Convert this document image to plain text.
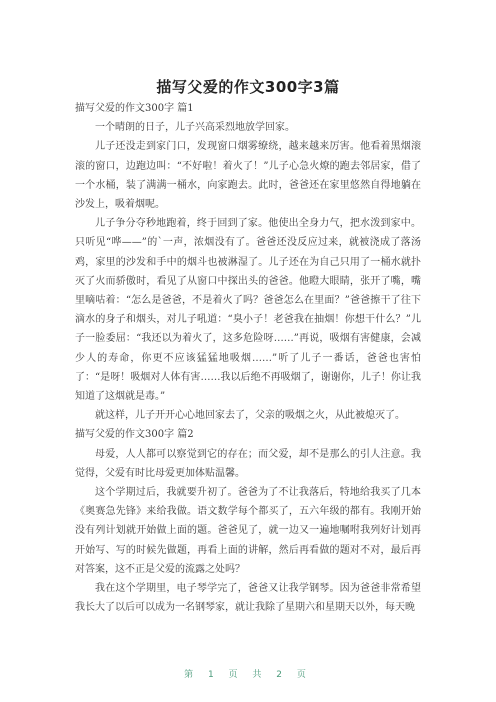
描写父爱的作文300字3篇

描写父爱的作文300字 篇1

一个晴朗的日子，儿子兴高采烈地放学回家。

儿子还没走到家门口，发现窗口烟雾缭绕，越来越来厉害。他看着黑烟滚滚的窗口，边跑边叫：“不好啦！着火了！”儿子心急火燎的跑去邻居家，借了一个水桶，装了满满一桶水，向家跑去。此时，爸爸还在家里悠然自得地躺在沙发上，吸着烟呢。

儿子争分夺秒地跑着，终于回到了家。他使出全身力气，把水泼到家中。只听见“哗——”的`一声，浓烟没有了。爸爸还没反应过来，就被浇成了落汤鸡，家里的沙发和手中的烟斗也被淋湿了。儿子还在为自己只用了一桶水就扑灭了火而骄傲时，看见了从窗口中探出头的爸爸。他瞪大眼睛，张开了嘴，嘴里嘀咕着：“怎么是爸爸，不是着火了吗？爸爸怎么在里面？”爸爸擦干了往下滴水的身子和烟头，对儿子吼道：“臭小子！老爸我在抽烟！你想干什么？”儿子一脸委屈：“我还以为着火了，这多危险呀……”再说，吸烟有害健康，会减少人的寿命，你更不应该猛猛地吸烟……”听了儿子一番话，爸爸也害怕了：“是呀！吸烟对人体有害……我以后绝不再吸烟了，谢谢你，儿子！你让我知道了这烟就是毒。”

就这样，儿子开开心心地回家去了，父亲的吸烟之火，从此被熄灭了。

描写父爱的作文300字 篇2

母爱，人人都可以察觉到它的存在；而父爱，却不是那么的引人注意。我觉得，父爱有时比母爱更加体贴温馨。

这个学期过后，我就要升初了。爸爸为了不让我落后，特地给我买了几本《奥赛急先锋》来给我做。语文数学每个都买了，五六年级的都有。我刚开始没有列计划就开始做上面的题。爸爸见了，就一边又一遍地嘱咐我列好计划再开始写、写的时候先做题，再看上面的讲解，然后再看做的题对不对，最后再对答案，这不正是父爱的流露之处吗？

我在这个学期里，电子琴学完了，爸爸又让我学钢琴。因为爸爸非常希望我长大了以后可以成为一名钢琴家，就让我除了星期六和星期天以外，每天晚

第 1 页 共 2 页
